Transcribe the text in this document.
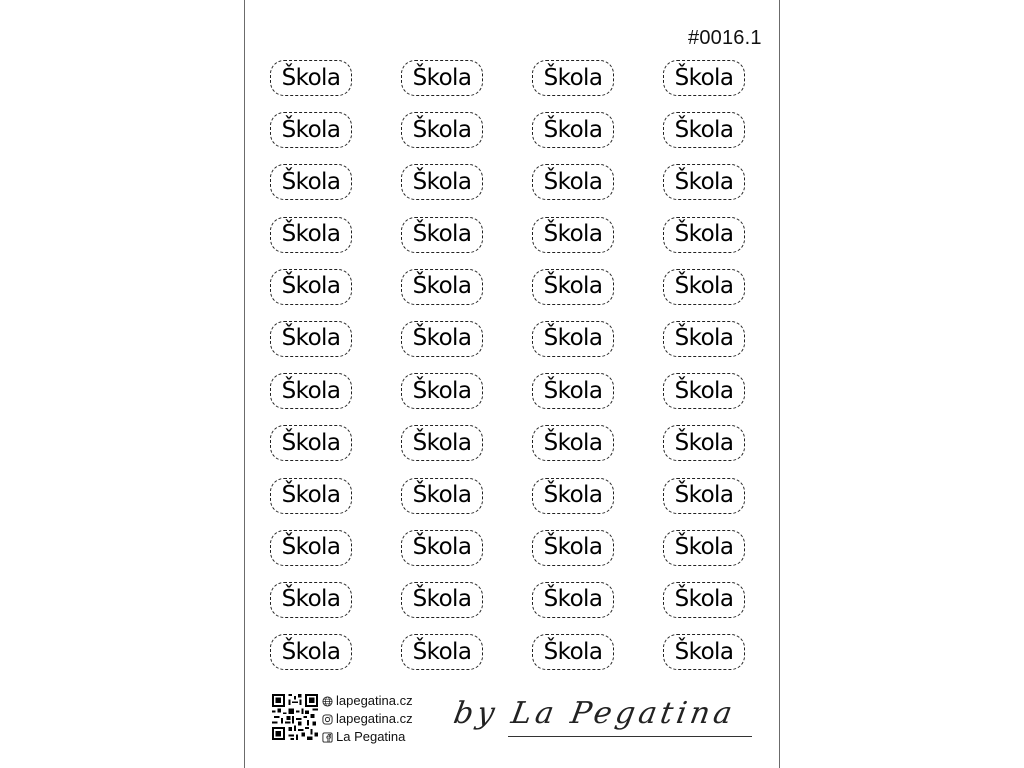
#0016.1
Škola	Škola	Škola	Škola
Škola	Škola	Škola	Škola
Škola	Škola	Škola	Škola
Škola	Škola	Škola	Škola
Škola	Škola	Škola	Škola
Škola	Škola	Škola	Škola
Škola	Škola	Škola	Škola
Škola	Škola	Škola	Škola
Škola	Škola	Škola	Škola
Škola	Škola	Škola	Škola
Škola	Škola	Škola	Škola
Škola	Škola	Škola	Škola
lapegatina.cz
lapegatina.cz
La Pegatina
by La Pegatina
